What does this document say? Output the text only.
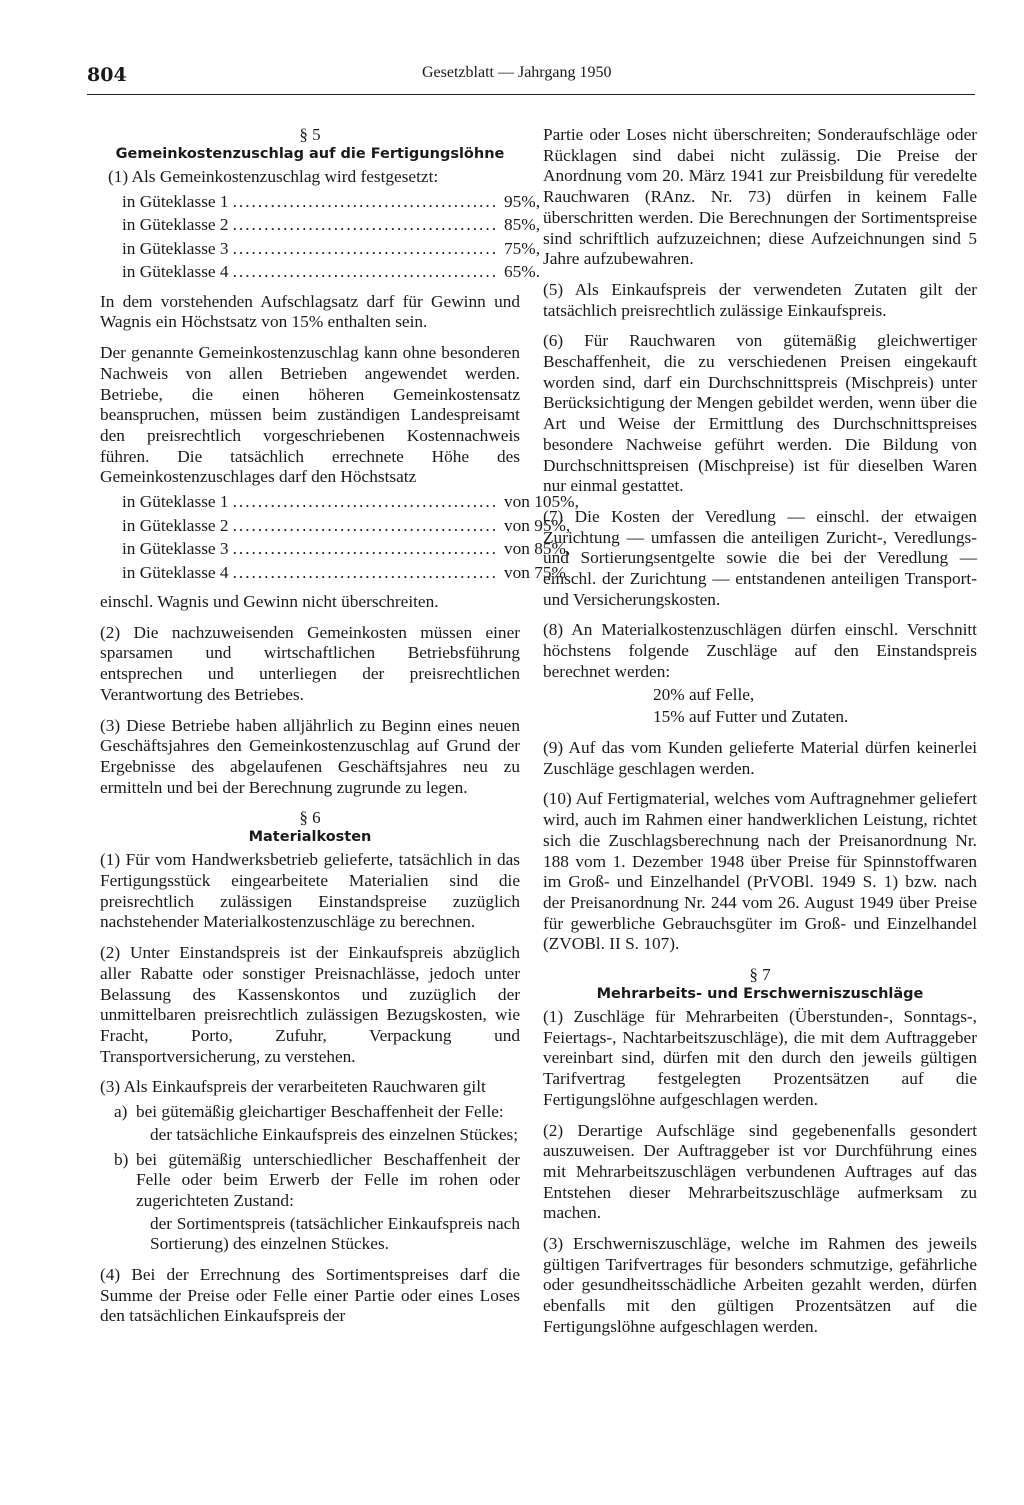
804	Gesetzblatt — Jahrgang 1950

§ 5

Gemeinkostenzuschlag auf die Fertigungslöhne

(1) Als Gemeinkostenzuschlag wird festgesetzt:

in Güteklasse 1 .......................................... 95%,
in Güteklasse 2 .......................................... 85%,
in Güteklasse 3 .......................................... 75%,
in Güteklasse 4 .......................................... 65%.

In dem vorstehenden Aufschlagsatz darf für Gewinn und Wagnis ein Höchstsatz von 15% enthalten sein.

Der genannte Gemeinkostenzuschlag kann ohne besonderen Nachweis von allen Betrieben angewendet werden. Betriebe, die einen höheren Gemeinkostensatz beanspruchen, müssen beim zuständigen Landespreisamt den preisrechtlich vorgeschriebenen Kostennachweis führen. Die tatsächlich errechnete Höhe des Gemeinkostenzuschlages darf den Höchstsatz

in Güteklasse 1 .......................................... von 105%,
in Güteklasse 2 .......................................... von 95%,
in Güteklasse 3 .......................................... von 85%,
in Güteklasse 4 .......................................... von 75%

einschl. Wagnis und Gewinn nicht überschreiten.

(2) Die nachzuweisenden Gemeinkosten müssen einer sparsamen und wirtschaftlichen Betriebsführung entsprechen und unterliegen der preisrechtlichen Verantwortung des Betriebes.

(3) Diese Betriebe haben alljährlich zu Beginn eines neuen Geschäftsjahres den Gemeinkostenzuschlag auf Grund der Ergebnisse des abgelaufenen Geschäftsjahres neu zu ermitteln und bei der Berechnung zugrunde zu legen.

§ 6

Materialkosten

(1) Für vom Handwerksbetrieb gelieferte, tatsächlich in das Fertigungsstück eingearbeitete Materialien sind die preisrechtlich zulässigen Einstandspreise zuzüglich nachstehender Materialkostenzuschläge zu berechnen.

(2) Unter Einstandspreis ist der Einkaufspreis abzüglich aller Rabatte oder sonstiger Preisnachlässe, jedoch unter Belassung des Kassenskontos und zuzüglich der unmittelbaren preisrechtlich zulässigen Bezugskosten, wie Fracht, Porto, Zufuhr, Verpackung und Transportversicherung, zu verstehen.

(3) Als Einkaufspreis der verarbeiteten Rauchwaren gilt

a) bei gütemäßig gleichartiger Beschaffenheit der Felle:

der tatsächliche Einkaufspreis des einzelnen Stückes;

b) bei gütemäßig unterschiedlicher Beschaffenheit der Felle oder beim Erwerb der Felle im rohen oder zugerichteten Zustand:

der Sortimentspreis (tatsächlicher Einkaufspreis nach Sortierung) des einzelnen Stückes.

(4) Bei der Errechnung des Sortimentspreises darf die Summe der Preise oder Felle einer Partie oder eines Loses den tatsächlichen Einkaufspreis der

Partie oder Loses nicht überschreiten; Sonderaufschläge oder Rücklagen sind dabei nicht zulässig. Die Preise der Anordnung vom 20. März 1941 zur Preisbildung für veredelte Rauchwaren (RAnz. Nr. 73) dürfen in keinem Falle überschritten werden. Die Berechnungen der Sortimentspreise sind schriftlich aufzuzeichnen; diese Aufzeichnungen sind 5 Jahre aufzubewahren.

(5) Als Einkaufspreis der verwendeten Zutaten gilt der tatsächlich preisrechtlich zulässige Einkaufspreis.

(6) Für Rauchwaren von gütemäßig gleichwertiger Beschaffenheit, die zu verschiedenen Preisen eingekauft worden sind, darf ein Durchschnittspreis (Mischpreis) unter Berücksichtigung der Mengen gebildet werden, wenn über die Art und Weise der Ermittlung des Durchschnittspreises besondere Nachweise geführt werden. Die Bildung von Durchschnittspreisen (Mischpreise) ist für dieselben Waren nur einmal gestattet.

(7) Die Kosten der Veredlung — einschl. der etwaigen Zurichtung — umfassen die anteiligen Zuricht-, Veredlungs- und Sortierungsentgelte sowie die bei der Veredlung — einschl. der Zurichtung — entstandenen anteiligen Transport- und Versicherungskosten.

(8) An Materialkostenzuschlägen dürfen einschl. Verschnitt höchstens folgende Zuschläge auf den Einstandspreis berechnet werden:

20% auf Felle,

15% auf Futter und Zutaten.

(9) Auf das vom Kunden gelieferte Material dürfen keinerlei Zuschläge geschlagen werden.

(10) Auf Fertigmaterial, welches vom Auftragnehmer geliefert wird, auch im Rahmen einer handwerklichen Leistung, richtet sich die Zuschlagsberechnung nach der Preisanordnung Nr. 188 vom 1. Dezember 1948 über Preise für Spinnstoffwaren im Groß- und Einzelhandel (PrVOBl. 1949 S. 1) bzw. nach der Preisanordnung Nr. 244 vom 26. August 1949 über Preise für gewerbliche Gebrauchsgüter im Groß- und Einzelhandel (ZVOBl. II S. 107).

§ 7

Mehrarbeits- und Erschwerniszuschläge

(1) Zuschläge für Mehrarbeiten (Überstunden-, Sonntags-, Feiertags-, Nachtarbeitszuschläge), die mit dem Auftraggeber vereinbart sind, dürfen mit den durch den jeweils gültigen Tarifvertrag festgelegten Prozentsätzen auf die Fertigungslöhne aufgeschlagen werden.

(2) Derartige Aufschläge sind gegebenenfalls gesondert auszuweisen. Der Auftraggeber ist vor Durchführung eines mit Mehrarbeitszuschlägen verbundenen Auftrages auf das Entstehen dieser Mehrarbeitszuschläge aufmerksam zu machen.

(3) Erschwerniszuschläge, welche im Rahmen des jeweils gültigen Tarifvertrages für besonders schmutzige, gefährliche oder gesundheitsschädliche Arbeiten gezahlt werden, dürfen ebenfalls mit den gültigen Prozentsätzen auf die Fertigungslöhne aufgeschlagen werden.
